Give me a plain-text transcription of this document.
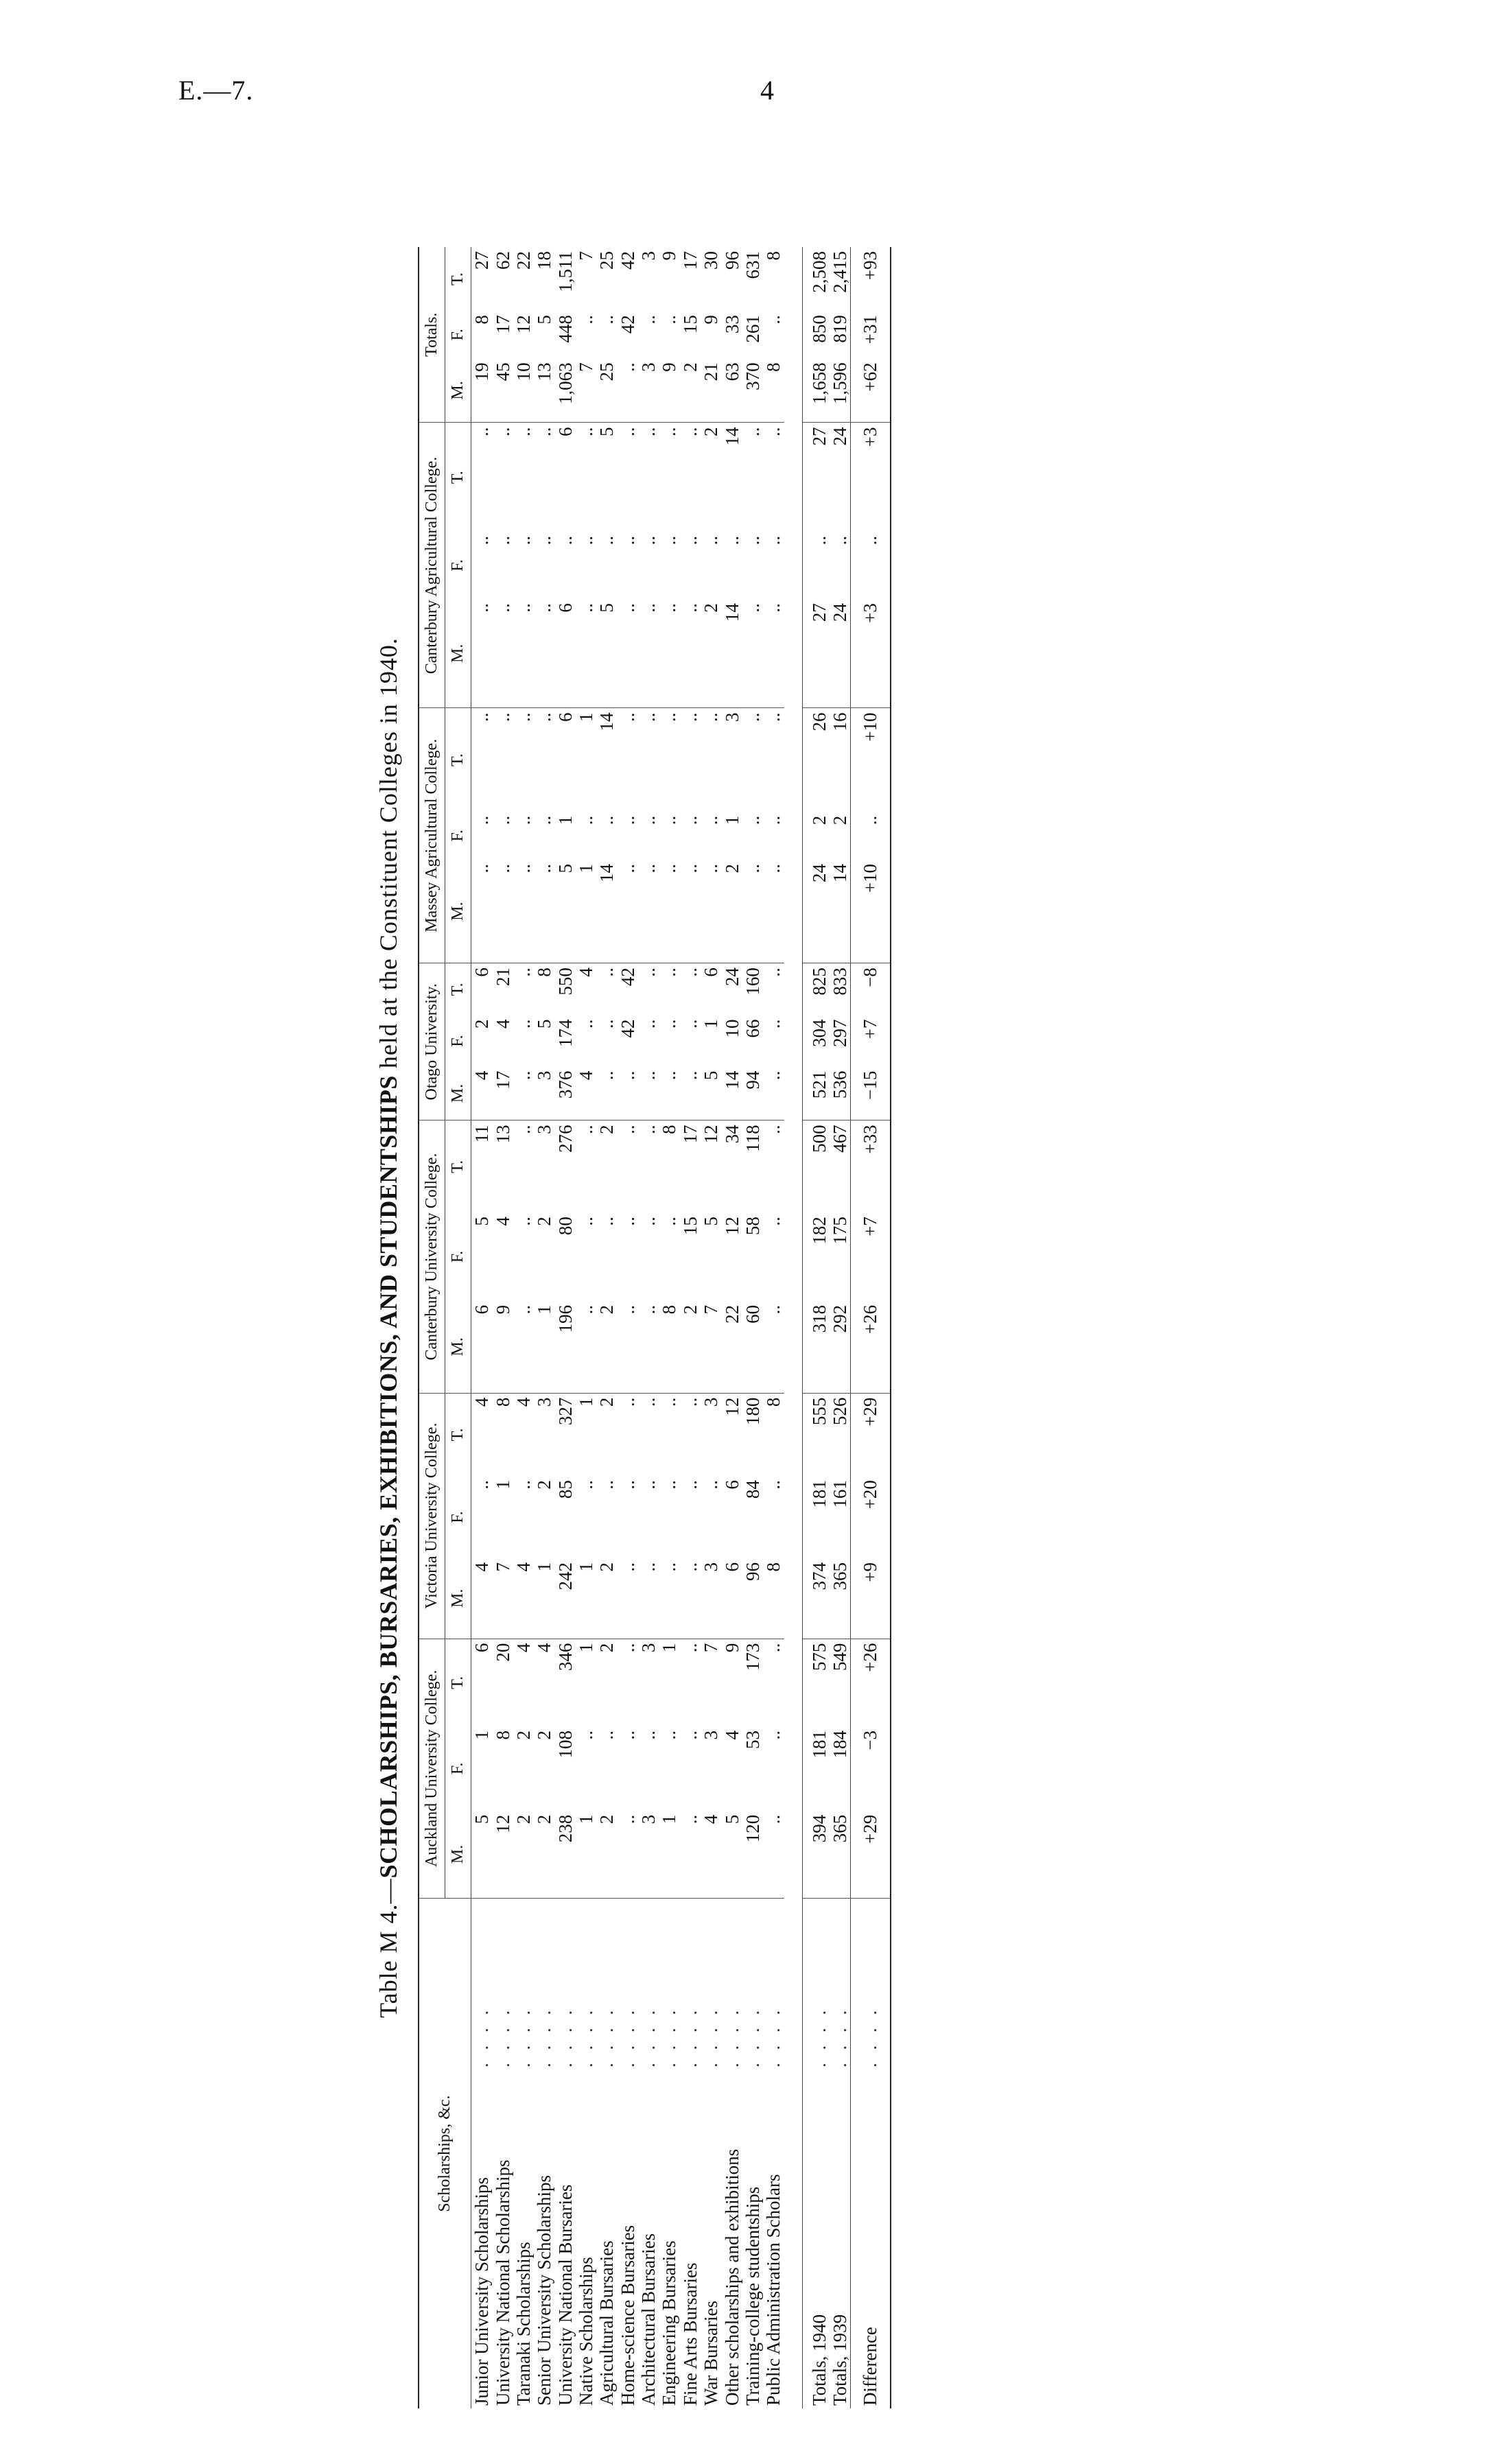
E.—7.	4
Table M 4.—SCHOLARSHIPS, BURSARIES, EXHIBITIONS, AND STUDENTSHIPS held at the Constituent Colleges in 1940.
Scholarships, &c.		Auckland University College.			Victoria University College.			Canterbury University College.			Otago University.			Massey Agricultural College.			Canterbury Agricultural College.			Totals.		
		M.	F.	T.	M.	F.	T.	M.	F.	T.	M.	F.	T.	M.	F.	T.	M.	F.	T.	M.	F.	T.
Junior University Scholarships	. . . .	5	1	6	4	..	4	6	5	11	4	2	6	..	..	..	..	..	..	19	8	27
University National Scholarships	. . . .	12	8	20	7	1	8	9	4	13	17	4	21	..	..	..	..	..	..	45	17	62
Taranaki Scholarships	. . . .	2	2	4	4	..	4	..	..	..	..	..	..	..	..	..	..	..	..	10	12	22
Senior University Scholarships	. . . .	2	2	4	1	2	3	1	2	3	3	5	8	..	..	..	..	..	..	13	5	18
University National Bursaries	. . . .	238	108	346	242	85	327	196	80	276	376	174	550	5	1	6	6	..	6	1,063	448	1,511
Native Scholarships	. . . .	1	..	1	1	..	1	..	..	..	4	..	4	1	..	1	..	..	..	7	..	7
Agricultural Bursaries	. . . .	2	..	2	2	..	2	2	..	2	..	..	..	14	..	14	5	..	5	25	..	25
Home-science Bursaries	. . . .	..	..	..	..	..	..	..	..	..	..	42	42	..	..	..	..	..	..	..	42	42
Architectural Bursaries	. . . .	3	..	3	..	..	..	..	..	..	..	..	..	..	..	..	..	..	..	3	..	3
Engineering Bursaries	. . . .	1	..	1	..	..	..	8	..	8	..	..	..	..	..	..	..	..	..	9	..	9
Fine Arts Bursaries	. . . .	..	..	..	..	..	..	2	15	17	..	..	..	..	..	..	..	..	..	2	15	17
War Bursaries	. . . .	4	3	7	3	..	3	7	5	12	5	1	6	..	..	..	2	..	2	21	9	30
Other scholarships and exhibitions	. . . .	5	4	9	6	6	12	22	12	34	14	10	24	2	1	3	14	..	14	63	33	96
Training-college studentships	. . . .	120	53	173	96	84	180	60	58	118	94	66	160	..	..	..	..	..	..	370	261	631
Public Administration Scholars	. . . .	..	..	..	8	..	8	..	..	..	..	..	..	..	..	..	..	..	..	8	..	8

Totals, 1940	. . . .	394	181	575	374	181	555	318	182	500	521	304	825	24	2	26	27	..	27	1,658	850	2,508
Totals, 1939	. . . .	365	184	549	365	161	526	292	175	467	536	297	833	14	2	16	24	..	24	1,596	819	2,415
Difference	. . . .	+29	−3	+26	+9	+20	+29	+26	+7	+33	−15	+7	−8	+10	..	+10	+3	..	+3	+62	+31	+93
